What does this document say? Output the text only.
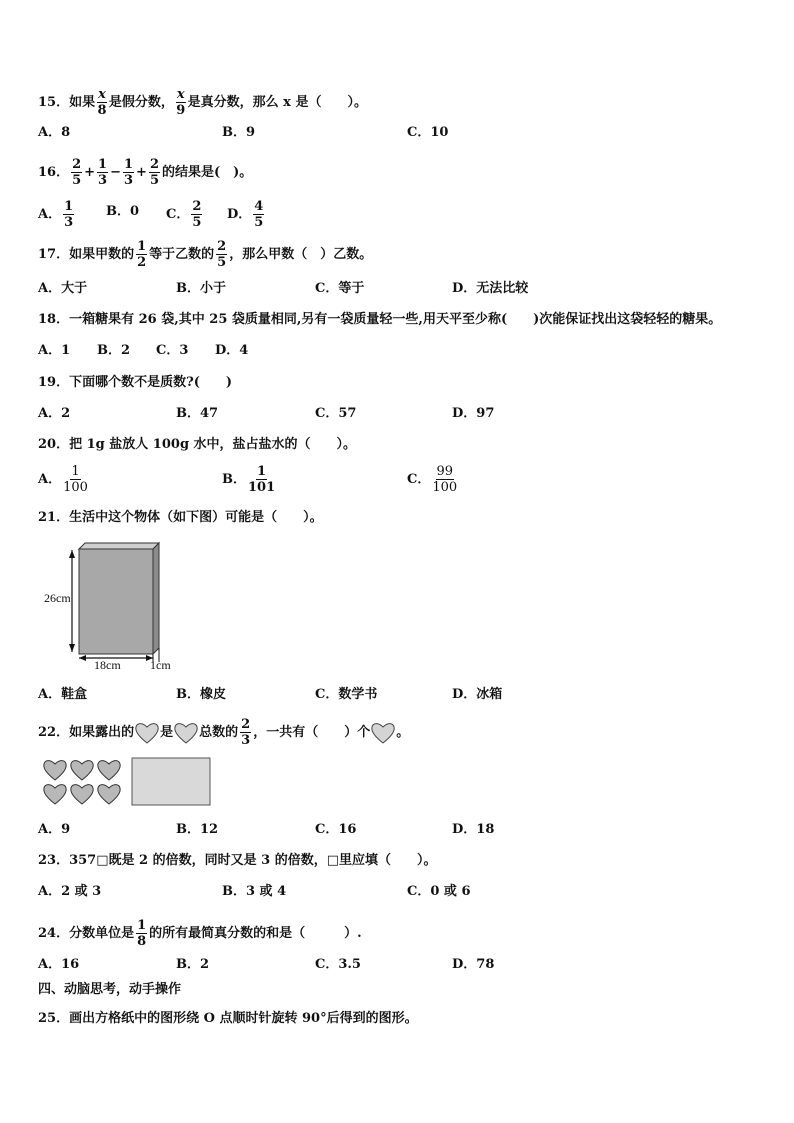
15．如果 $\frac{x}{8}$ 是假分数， $\frac{x}{9}$ 是真分数，那么 x 是（　　）。
A．8	B．9	C．10
16． $\frac{2}{5} + \frac{1}{3} - \frac{1}{3} + \frac{2}{5}$ 的结果是(　)。
A． $\frac{1}{3}$ B．0 C． $\frac{2}{5}$ D． $\frac{4}{5}$
17．如果甲数的 $\frac{1}{2}$ 等于乙数的 $\frac{2}{5}$ ，那么甲数（　）乙数。
A．大于	B．小于	C．等于	D．无法比较
18．一箱糖果有 26 袋,其中 25 袋质量相同,另有一袋质量轻一些,用天平至少称(　　)次能保证找出这袋轻轻的糖果。
A．1 B．2 C．3 D．4
19．下面哪个数不是质数?(　　)
A．2	B．47	C．57	D．97
20．把 1g 盐放人 100g 水中，盐占盐水的（　　）。
A． $\frac{1}{100}$	B． $\frac{1}{101}$	C． $\frac{99}{100}$
21．生活中这个物体（如下图）可能是（　　）。
26cm
18cm 1cm
A．鞋盒	B．橡皮	C．数学书	D．冰箱
22．如果露出的 是 总数的 $\frac{2}{3}$ ，一共有（　　）个 。
A．9	B．12	C．16	D．18
23．357□既是 2 的倍数，同时又是 3 的倍数，□里应填（　　）。
A．2 或 3	B．3 或 4	C．0 或 6
24．分数单位是 $\frac{1}{8}$ 的所有最简真分数的和是（　　　）.
A．16	B．2	C．3.5	D．78
四、动脑思考，动手操作
25．画出方格纸中的图形绕 O 点顺时针旋转 90°后得到的图形。
